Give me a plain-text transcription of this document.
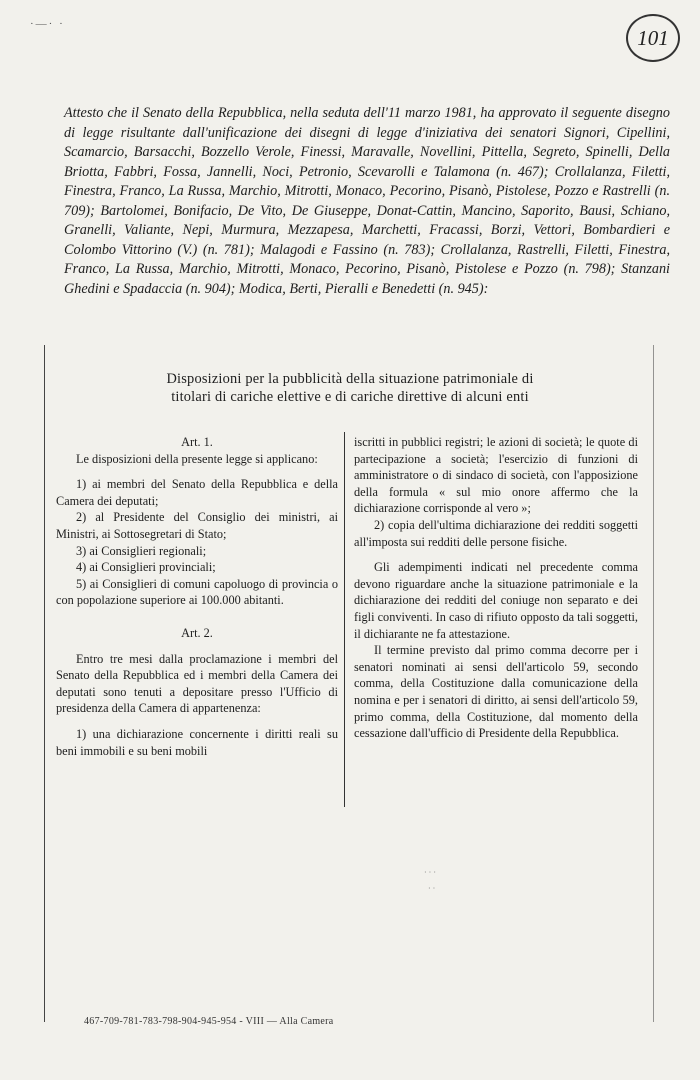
·—· ·
101
Attesto che il Senato della Repubblica, nella seduta dell'11 marzo 1981, ha approvato il seguente disegno di legge risultante dall'unificazione dei disegni di legge d'iniziativa dei senatori Signori, Cipellini, Scamarcio, Barsacchi, Bozzello Verole, Finessi, Maravalle, Novellini, Pittella, Segreto, Spinelli, Della Briotta, Fabbri, Fossa, Jannelli, Noci, Petronio, Scevarolli e Talamona (n. 467); Crollalanza, Filetti, Finestra, Franco, La Russa, Marchio, Mitrotti, Monaco, Pecorino, Pisanò, Pistolese, Pozzo e Rastrelli (n. 709); Bartolomei, Bonifacio, De Vito, De Giuseppe, Donat-Cattin, Mancino, Saporito, Bausi, Schiano, Granelli, Valiante, Nepi, Murmura, Mezzapesa, Marchetti, Fracassi, Borzi, Vettori, Bombardieri e Colombo Vittorino (V.) (n. 781); Malagodi e Fassino (n. 783); Crollalanza, Rastrelli, Filetti, Finestra, Franco, La Russa, Marchio, Mitrotti, Monaco, Pecorino, Pisanò, Pistolese e Pozzo (n. 798); Stanzani Ghedini e Spadaccia (n. 904); Modica, Berti, Pieralli e Benedetti (n. 945):
Disposizioni per la pubblicità della situazione patrimoniale di
titolari di cariche elettive e di cariche direttive di alcuni enti

Art. 1.

Le disposizioni della presente legge si applicano:

1) ai membri del Senato della Repubblica e della Camera dei deputati;

2) al Presidente del Consiglio dei ministri, ai Ministri, ai Sottosegretari di Stato;

3) ai Consiglieri regionali;

4) ai Consiglieri provinciali;

5) ai Consiglieri di comuni capoluogo di provincia o con popolazione superiore ai 100.000 abitanti.

Art. 2.

Entro tre mesi dalla proclamazione i membri del Senato della Repubblica ed i membri della Camera dei deputati sono tenuti a depositare presso l'Ufficio di presidenza della Camera di appartenenza:

1) una dichiarazione concernente i diritti reali su beni immobili e su beni mobili

iscritti in pubblici registri; le azioni di società; le quote di partecipazione a società; l'esercizio di funzioni di amministratore o di sindaco di società, con l'apposizione della formula « sul mio onore affermo che la dichiarazione corrisponde al vero »;

2) copia dell'ultima dichiarazione dei redditi soggetti all'imposta sui redditi delle persone fisiche.

Gli adempimenti indicati nel precedente comma devono riguardare anche la situazione patrimoniale e la dichiarazione dei redditi del coniuge non separato e dei figli conviventi. In caso di rifiuto opposto da tali soggetti, il dichiarante ne fa attestazione.

Il termine previsto dal primo comma decorre per i senatori nominati ai sensi dell'articolo 59, secondo comma, della Costituzione dalla comunicazione della nomina e per i senatori di diritto, ai sensi dell'articolo 59, primo comma, della Costituzione, dal momento della cessazione dall'ufficio di Presidente della Repubblica.

· · ·
· ·
467-709-781-783-798-904-945-954 - VIII — Alla Camera
